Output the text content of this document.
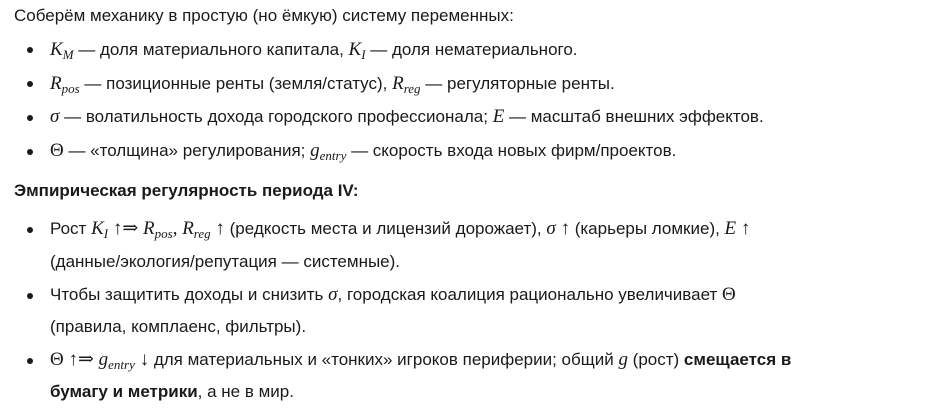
Соберём механику в простую (но ёмкую) систему переменных:
$K_M$ — доля материального капитала, $K_I$ — доля нематериального.
$R_{pos}$ — позиционные ренты (земля/статус), $R_{reg}$ — регуляторные ренты.
σ — волатильность дохода городского профессионала; E — масштаб внешних эффектов.
Θ — «толщина» регулирования; $g_{entry}$ — скорость входа новых фирм/проектов.
Эмпирическая регулярность периода IV:
Рост $K_I$ ↑⇒ $R_{pos}$, $R_{reg}$ ↑ (редкость места и лицензий дорожает), σ ↑ (карьеры ломкие), E ↑
(данные/экология/репутация — системные).
Чтобы защитить доходы и снизить σ, городская коалиция рационально увеличивает Θ
(правила, комплаенс, фильтры).
Θ ↑⇒ $g_{entry}$ ↓ для материальных и «тонких» игроков периферии; общий g (рост) смещается в
бумагу и метрики, а не в мир.
